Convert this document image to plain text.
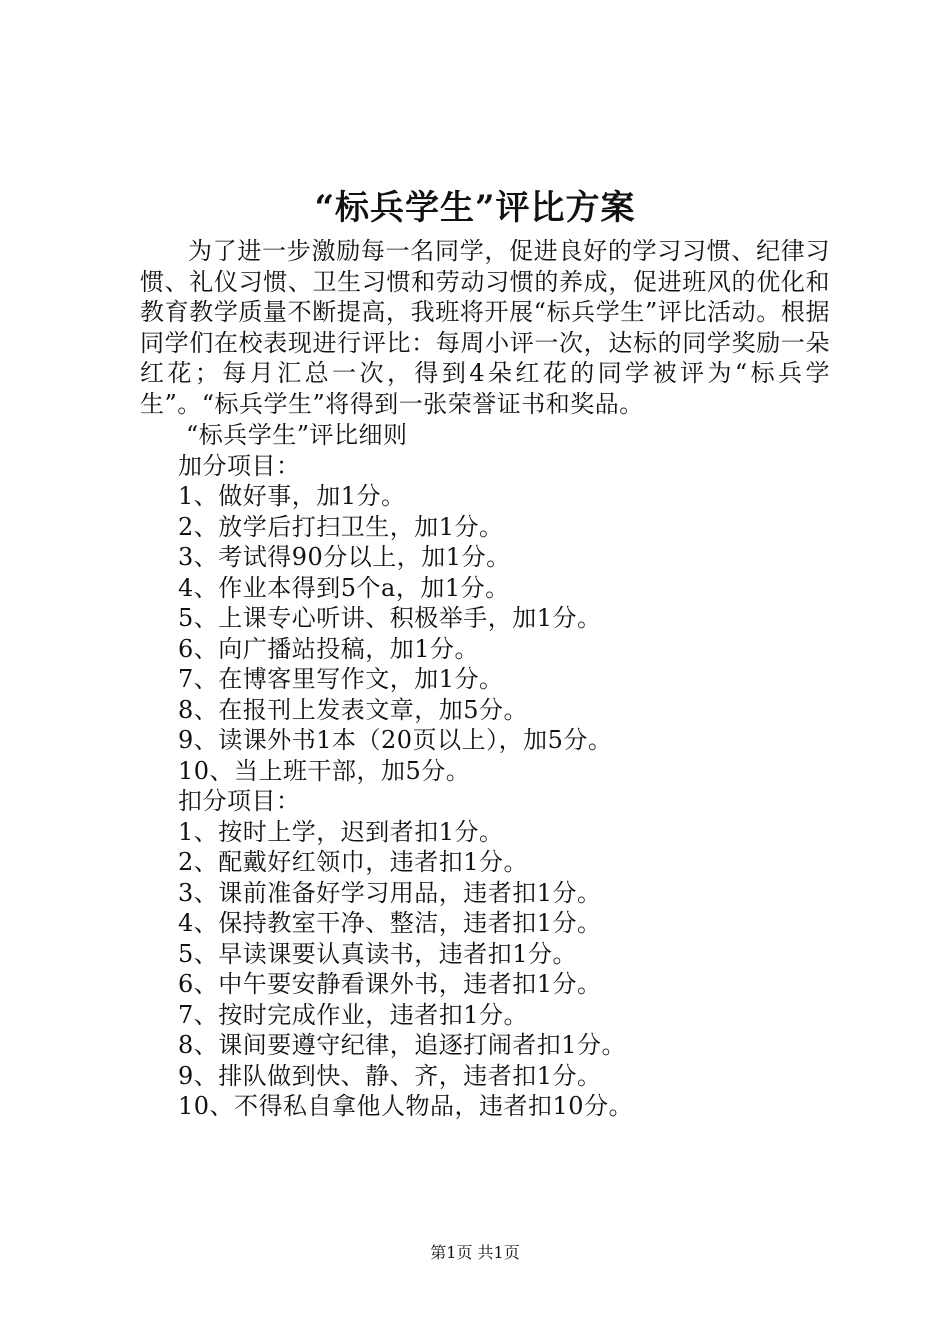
“标兵学生”评比方案

为了进一步激励每一名同学，促进良好的学习习惯、纪律习惯、礼仪习惯、卫生习惯和劳动习惯的养成，促进班风的优化和教育教学质量不断提高，我班将开展“标兵学生”评比活动。根据同学们在校表现进行评比：每周小评一次，达标的同学奖励一朵红花；每月汇总一次，得到4朵红花的同学被评为“标兵学生”。“标兵学生”将得到一张荣誉证书和奖品。

“标兵学生”评比细则
加分项目：
1、做好事，加1分。
2、放学后打扫卫生，加1分。
3、考试得90分以上，加1分。
4、作业本得到5个a，加1分。
5、上课专心听讲、积极举手，加1分。
6、向广播站投稿，加1分。
7、在博客里写作文，加1分。
8、在报刊上发表文章，加5分。
9、读课外书1本（20页以上），加5分。
10、当上班干部，加5分。
扣分项目：
1、按时上学，迟到者扣1分。
2、配戴好红领巾，违者扣1分。
3、课前准备好学习用品，违者扣1分。
4、保持教室干净、整洁，违者扣1分。
5、早读课要认真读书，违者扣1分。
6、中午要安静看课外书，违者扣1分。
7、按时完成作业，违者扣1分。
8、课间要遵守纪律，追逐打闹者扣1分。
9、排队做到快、静、齐，违者扣1分。
10、不得私自拿他人物品，违者扣10分。
第1页 共1页
